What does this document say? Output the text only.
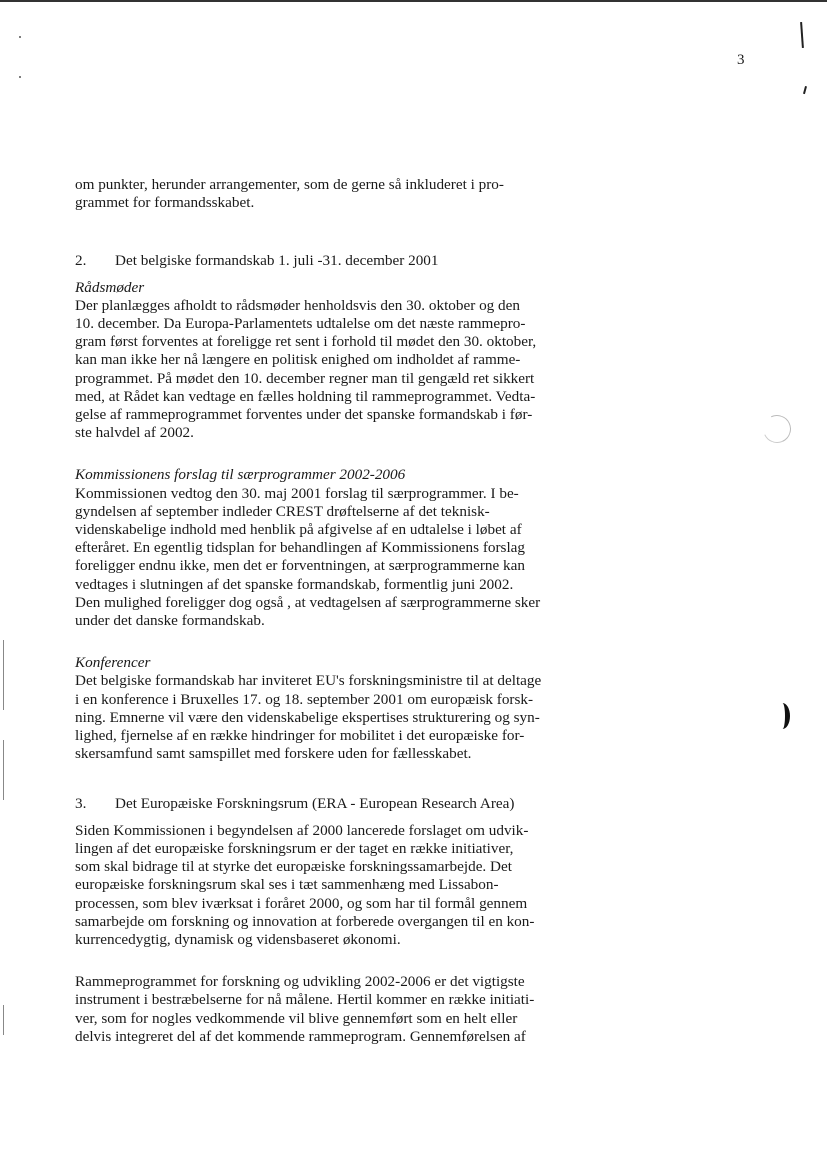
3

om punkter, herunder arrangementer, som de gerne så inkluderet i pro-

grammet for formandsskabet.

2. Det belgiske formandskab 1. juli -31. december 2001

Rådsmøder

Der planlægges afholdt to rådsmøder henholdsvis den 30. oktober og den

10. december. Da Europa-Parlamentets udtalelse om det næste rammepro-

gram først forventes at foreligge ret sent i forhold til mødet den 30. oktober,

kan man ikke her nå længere en politisk enighed om indholdet af ramme-

programmet. På mødet den 10. december regner man til gengæld ret sikkert

med, at Rådet kan vedtage en fælles holdning til rammeprogrammet. Vedta-

gelse af rammeprogrammet forventes under det spanske formandskab i før-

ste halvdel af 2002.

Kommissionens forslag til særprogrammer 2002-2006

Kommissionen vedtog den 30. maj 2001 forslag til særprogrammer. I be-

gyndelsen af september indleder CREST drøftelserne af det teknisk-

videnskabelige indhold med henblik på afgivelse af en udtalelse i løbet af

efteråret. En egentlig tidsplan for behandlingen af Kommissionens forslag

foreligger endnu ikke, men det er forventningen, at særprogrammerne kan

vedtages i slutningen af det spanske formandskab, formentlig juni 2002.

Den mulighed foreligger dog også , at vedtagelsen af særprogrammerne sker

under det danske formandskab.

Konferencer

Det belgiske formandskab har inviteret EU's forskningsministre til at deltage

i en konference i Bruxelles 17. og 18. september 2001 om europæisk forsk-

ning. Emnerne vil være den videnskabelige ekspertises strukturering og syn-

lighed, fjernelse af en række hindringer for mobilitet i det europæiske for-

skersamfund samt samspillet med forskere uden for fællesskabet.

3. Det Europæiske Forskningsrum (ERA - European Research Area)

Siden Kommissionen i begyndelsen af 2000 lancerede forslaget om udvik-

lingen af det europæiske forskningsrum er der taget en række initiativer,

som skal bidrage til at styrke det europæiske forskningssamarbejde. Det

europæiske forskningsrum skal ses i tæt sammenhæng med Lissabon-

processen, som blev iværksat i foråret 2000, og som har til formål gennem

samarbejde om forskning og innovation at forberede overgangen til en kon-

kurrencedygtig, dynamisk og vidensbaseret økonomi.

Rammeprogrammet for forskning og udvikling 2002-2006 er det vigtigste

instrument i bestræbelserne for nå målene. Hertil kommer en række initiati-

ver, som for nogles vedkommende vil blive gennemført som en helt eller

delvis integreret del af det kommende rammeprogram. Gennemførelsen af
